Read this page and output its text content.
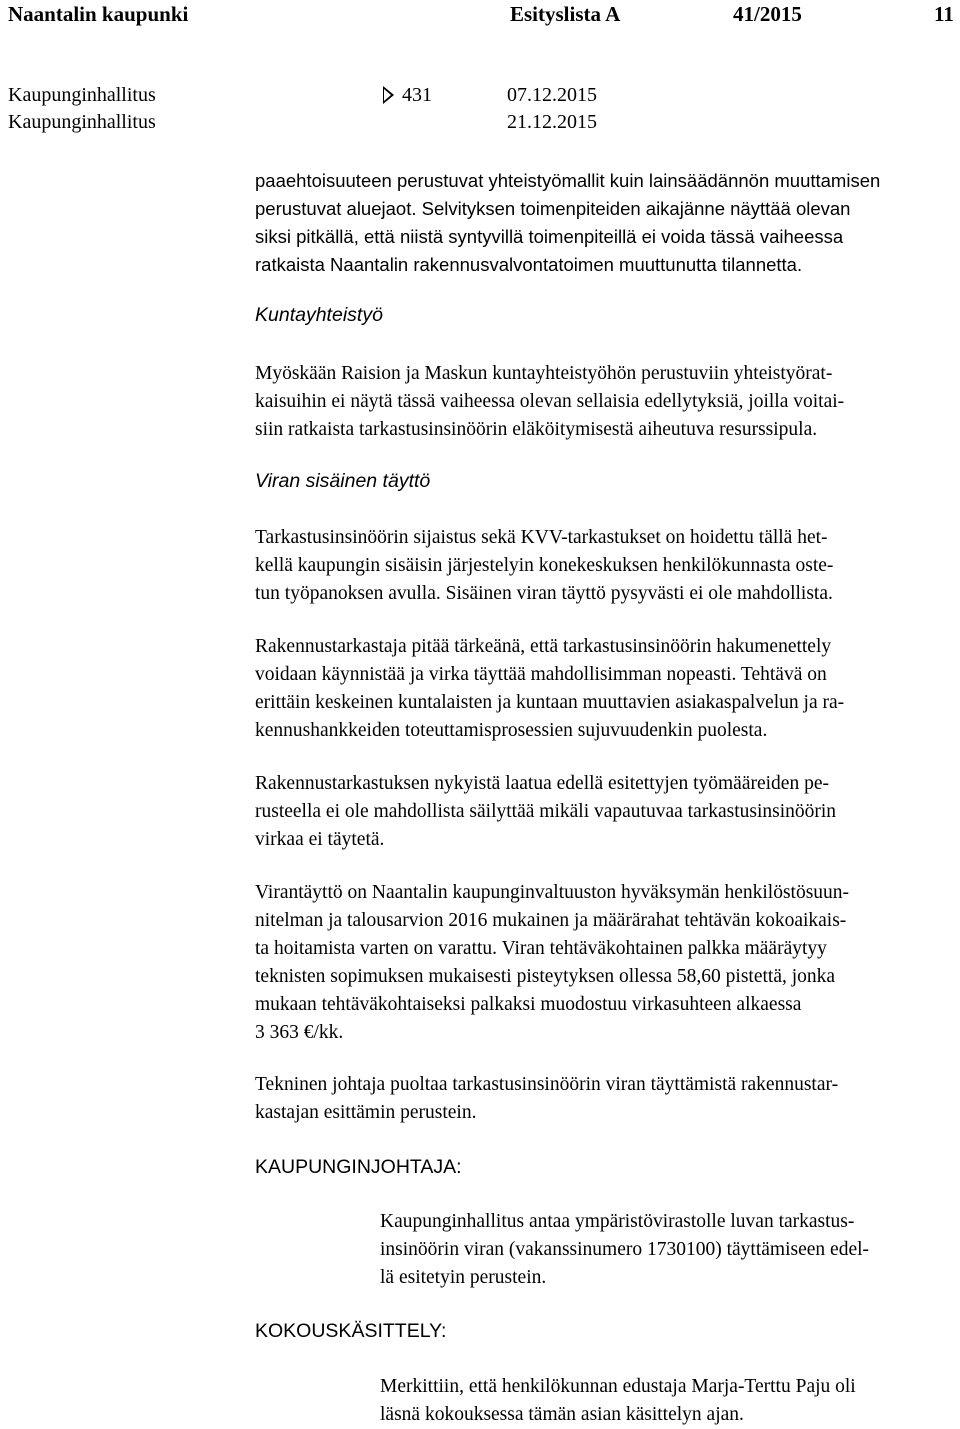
Naantalin kaupunki	Esityslista A	41/2015	11
Kaupunginhallitus	431	07.12.2015
Kaupunginhallitus	21.12.2015

paaehtoisuuteen perustuvat yhteistyömallit kuin lainsäädännön muuttamisen
perustuvat aluejaot. Selvityksen toimenpiteiden aikajänne näyttää olevan
siksi pitkällä, että niistä syntyvillä toimenpiteillä ei voida tässä vaiheessa
ratkaista Naantalin rakennusvalvontatoimen muuttunutta tilannetta.

Kuntayhteistyö

Myöskään Raision ja Maskun kuntayhteistyöhön perustuviin yhteistyörat-
kaisuihin ei näytä tässä vaiheessa olevan sellaisia edellytyksiä, joilla voitai-
siin ratkaista tarkastusinsinöörin eläköitymisestä aiheutuva resurssipula.

Viran sisäinen täyttö

Tarkastusinsinöörin sijaistus sekä KVV-tarkastukset on hoidettu tällä het-
kellä kaupungin sisäisin järjestelyin konekeskuksen henkilökunnasta oste-
tun työpanoksen avulla. Sisäinen viran täyttö pysyvästi ei ole mahdollista.

Rakennustarkastaja pitää tärkeänä, että tarkastusinsinöörin hakumenettely
voidaan käynnistää ja virka täyttää mahdollisimman nopeasti. Tehtävä on
erittäin keskeinen kuntalaisten ja kuntaan muuttavien asiakaspalvelun ja ra-
kennushankkeiden toteuttamisprosessien sujuvuudenkin puolesta.

Rakennustarkastuksen nykyistä laatua edellä esitettyjen työmääreiden pe-
rusteella ei ole mahdollista säilyttää mikäli vapautuvaa tarkastusinsinöörin
virkaa ei täytetä.

Virantäyttö on Naantalin kaupunginvaltuuston hyväksymän henkilöstösuun-
nitelman ja talousarvion 2016 mukainen ja määrärahat tehtävän kokoaikais-
ta hoitamista varten on varattu. Viran tehtäväkohtainen palkka määräytyy
teknisten sopimuksen mukaisesti pisteytyksen ollessa 58,60 pistettä, jonka
mukaan tehtäväkohtaiseksi palkaksi muodostuu virkasuhteen alkaessa
3 363 €/kk.

Tekninen johtaja puoltaa tarkastusinsinöörin viran täyttämistä rakennustar-
kastajan esittämin perustein.

KAUPUNGINJOHTAJA:

Kaupunginhallitus antaa ympäristövirastolle luvan tarkastus-
insinöörin viran (vakanssinumero 1730100) täyttämiseen edel-
lä esitetyin perustein.

KOKOUSKÄSITTELY:

Merkittiin, että henkilökunnan edustaja Marja-Terttu Paju oli
läsnä kokouksessa tämän asian käsittelyn ajan.
